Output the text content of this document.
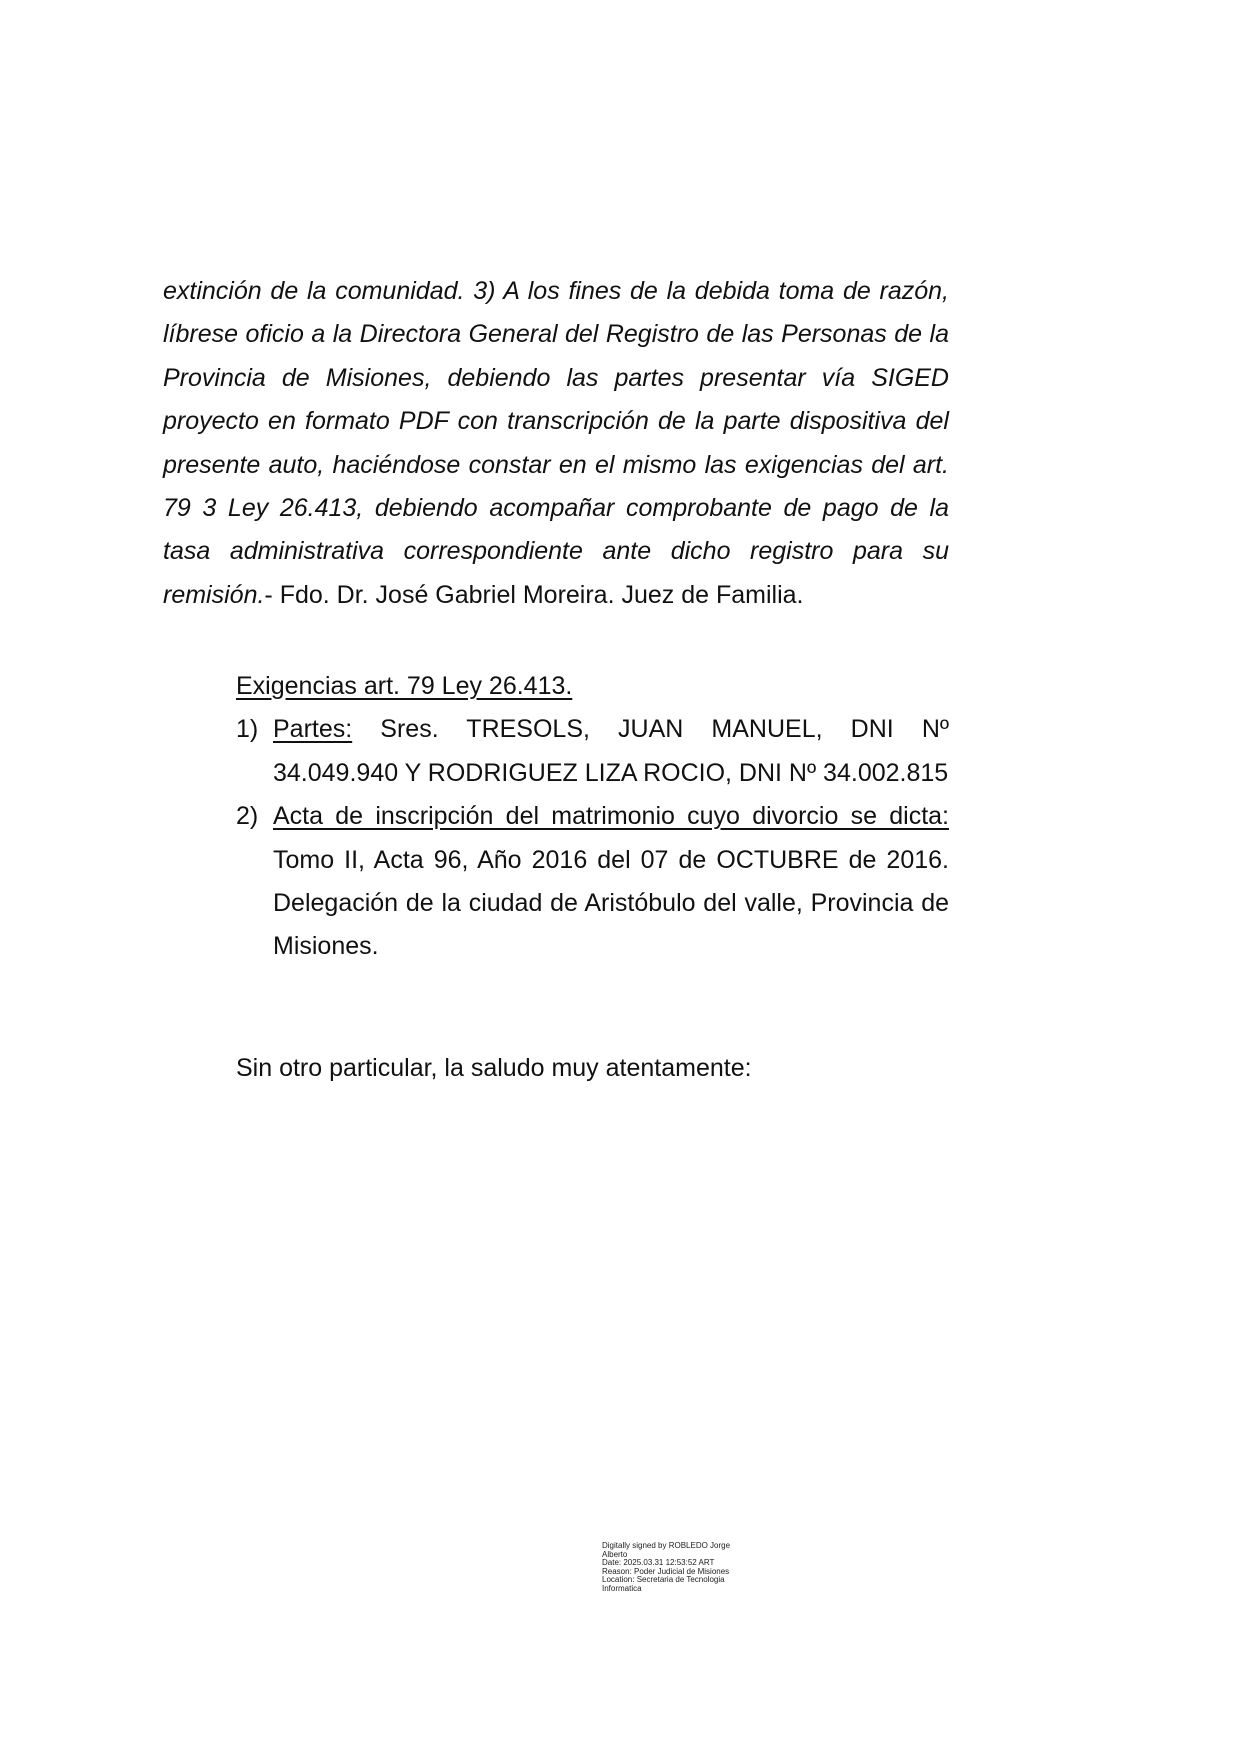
extinción de la comunidad. 3) A los fines de la debida toma de razón, líbrese oficio a la Directora General del Registro de las Personas de la Provincia de Misiones, debiendo las partes presentar vía SIGED proyecto en formato PDF con transcripción de la parte dispositiva del presente auto, haciéndose constar en el mismo las exigencias del art. 79 3 Ley 26.413, debiendo acompañar comprobante de pago de la tasa administrativa correspondiente ante dicho registro para su remisión.- Fdo. Dr. José Gabriel Moreira. Juez de Familia.

Exigencias art. 79 Ley 26.413.

1) Partes: Sres. TRESOLS, JUAN MANUEL, DNI Nº 34.049.940 Y RODRIGUEZ LIZA ROCIO, DNI Nº 34.002.815
2) Acta de inscripción del matrimonio cuyo divorcio se dicta: Tomo II, Acta 96, Año 2016 del 07 de OCTUBRE de 2016. Delegación de la ciudad de Aristóbulo del valle, Provincia de Misiones.

Sin otro particular, la saludo muy atentamente:

Digitally signed by ROBLEDO Jorge
Alberto
Date: 2025.03.31 12:53:52 ART
Reason: Poder Judicial de Misiones
Location: Secretaria de Tecnologia
Informatica
